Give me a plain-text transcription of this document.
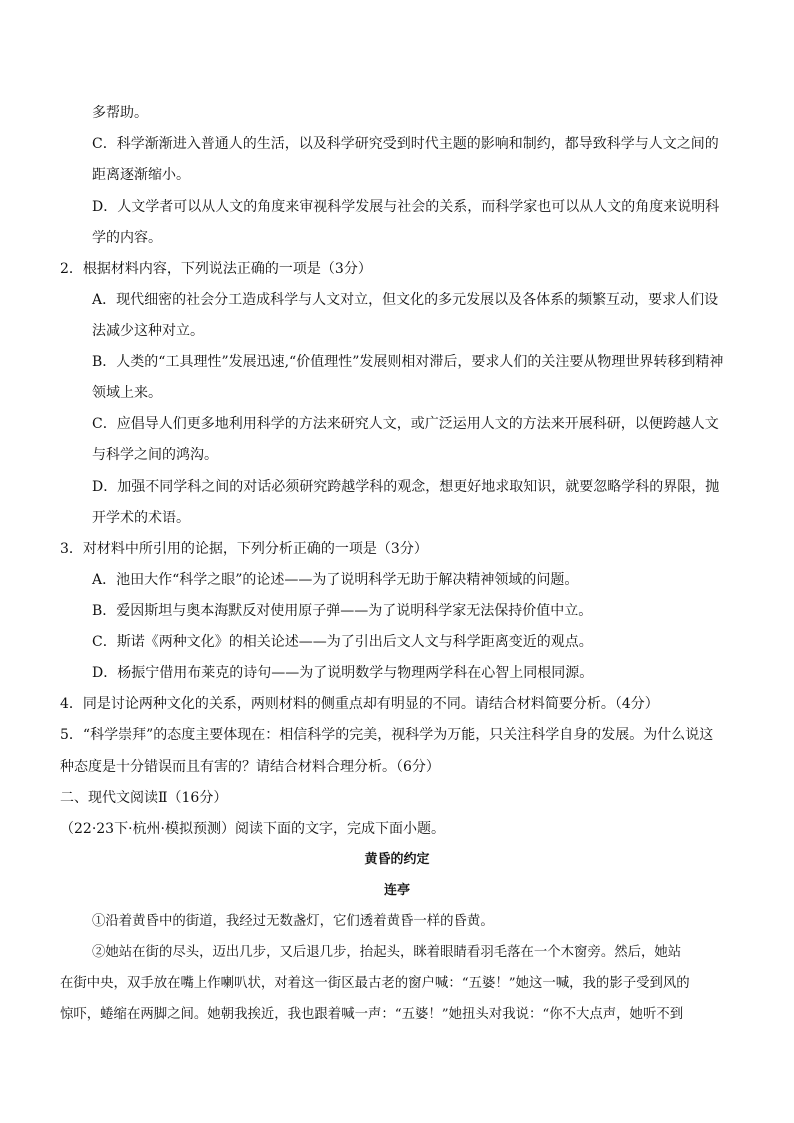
多帮助。
C．科学渐渐进入普通人的生活，以及科学研究受到时代主题的影响和制约，都导致科学与人文之间的
距离逐渐缩小。
D．人文学者可以从人文的角度来审视科学发展与社会的关系，而科学家也可以从人文的角度来说明科
学的内容。
2．根据材料内容，下列说法正确的一项是（3分）
A．现代细密的社会分工造成科学与人文对立，但文化的多元发展以及各体系的频繁互动，要求人们设
法减少这种对立。
B．人类的“工具理性”发展迅速,“价值理性”发展则相对滞后，要求人们的关注要从物理世界转移到精神
领域上来。
C．应倡导人们更多地利用科学的方法来研究人文，或广泛运用人文的方法来开展科研，以便跨越人文
与科学之间的鸿沟。
D．加强不同学科之间的对话必须研究跨越学科的观念，想更好地求取知识，就要忽略学科的界限，抛
开学术的术语。
3．对材料中所引用的论据，下列分析正确的一项是（3分）
A．池田大作“科学之眼”的论述——为了说明科学无助于解决精神领域的问题。
B．爱因斯坦与奥本海默反对使用原子弹——为了说明科学家无法保持价值中立。
C．斯诺《两种文化》的相关论述——为了引出后文人文与科学距离变近的观点。
D．杨振宁借用布莱克的诗句——为了说明数学与物理两学科在心智上同根同源。
4．同是讨论两种文化的关系，两则材料的侧重点却有明显的不同。请结合材料简要分析。（4分）
5．“科学崇拜”的态度主要体现在：相信科学的完美，视科学为万能，只关注科学自身的发展。为什么说这
种态度是十分错误而且有害的？请结合材料合理分析。（6分）
二、现代文阅读Ⅱ（16分）
（22·23下·杭州·模拟预测）阅读下面的文字，完成下面小题。
黄昏的约定
连亭
①沿着黄昏中的街道，我经过无数盏灯，它们透着黄昏一样的昏黄。
②她站在街的尽头，迈出几步，又后退几步，抬起头，眯着眼睛看羽毛落在一个木窗旁。然后，她站
在街中央，双手放在嘴上作喇叭状，对着这一街区最古老的窗户喊：“五婆！”她这一喊，我的影子受到风的
惊吓，蜷缩在两脚之间。她朝我挨近，我也跟着喊一声：“五婆！”她扭头对我说：“你不大点声，她听不到
